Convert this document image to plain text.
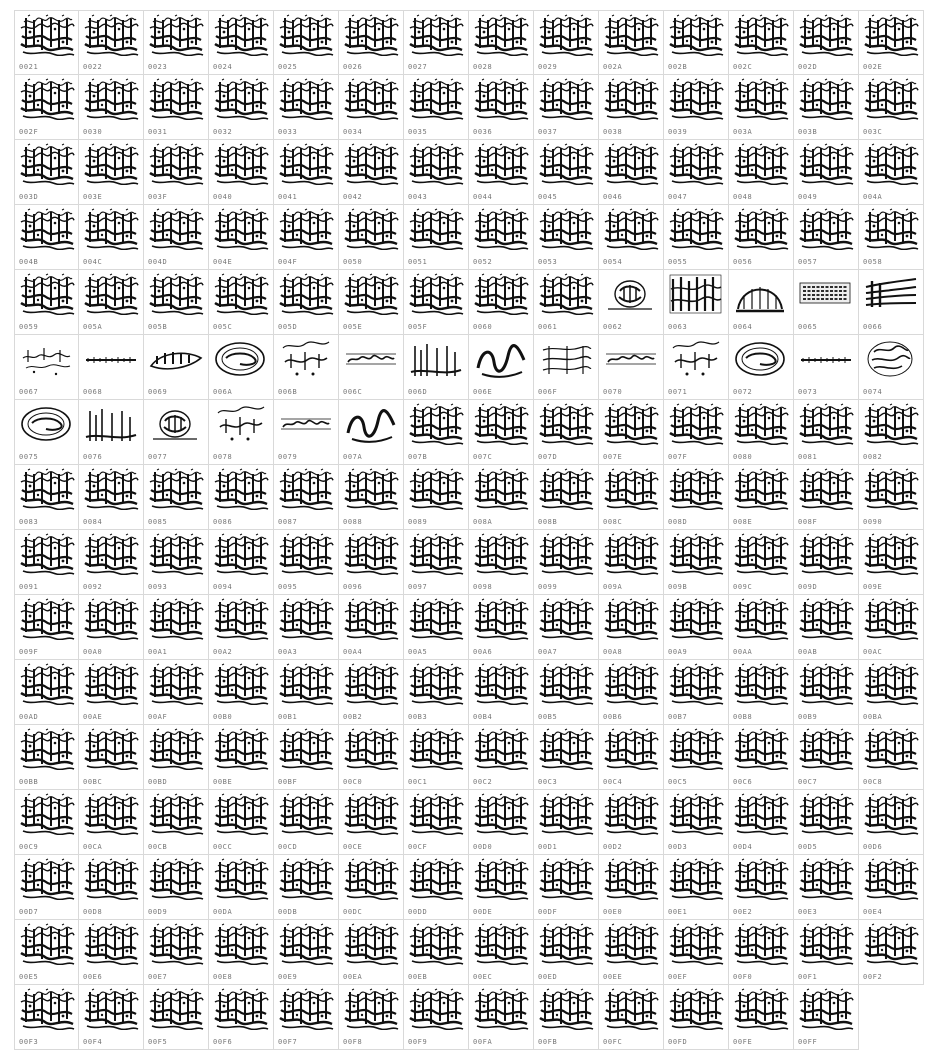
0021	0022	0023	0024	0025	0026	0027	0028	0029	002A	002B	002C	002D	002E
002F	0030	0031	0032	0033	0034	0035	0036	0037	0038	0039	003A	003B	003C
003D	003E	003F	0040	0041	0042	0043	0044	0045	0046	0047	0048	0049	004A
004B	004C	004D	004E	004F	0050	0051	0052	0053	0054	0055	0056	0057	0058
0059	005A	005B	005C	005D	005E	005F	0060	0061	0062	0063	0064	0065	0066
0067	0068	0069	006A	006B	006C	006D	006E	006F	0070	0071	0072	0073	0074
0075	0076	0077	0078	0079	007A	007B	007C	007D	007E	007F	0080	0081	0082
0083	0084	0085	0086	0087	0088	0089	008A	008B	008C	008D	008E	008F	0090
0091	0092	0093	0094	0095	0096	0097	0098	0099	009A	009B	009C	009D	009E
009F	00A0	00A1	00A2	00A3	00A4	00A5	00A6	00A7	00A8	00A9	00AA	00AB	00AC
00AD	00AE	00AF	00B0	00B1	00B2	00B3	00B4	00B5	00B6	00B7	00B8	00B9	00BA
00BB	00BC	00BD	00BE	00BF	00C0	00C1	00C2	00C3	00C4	00C5	00C6	00C7	00C8
00C9	00CA	00CB	00CC	00CD	00CE	00CF	00D0	00D1	00D2	00D3	00D4	00D5	00D6
00D7	00D8	00D9	00DA	00DB	00DC	00DD	00DE	00DF	00E0	00E1	00E2	00E3	00E4
00E5	00E6	00E7	00E8	00E9	00EA	00EB	00EC	00ED	00EE	00EF	00F0	00F1	00F2
00F3	00F4	00F5	00F6	00F7	00F8	00F9	00FA	00FB	00FC	00FD	00FE	00FF
